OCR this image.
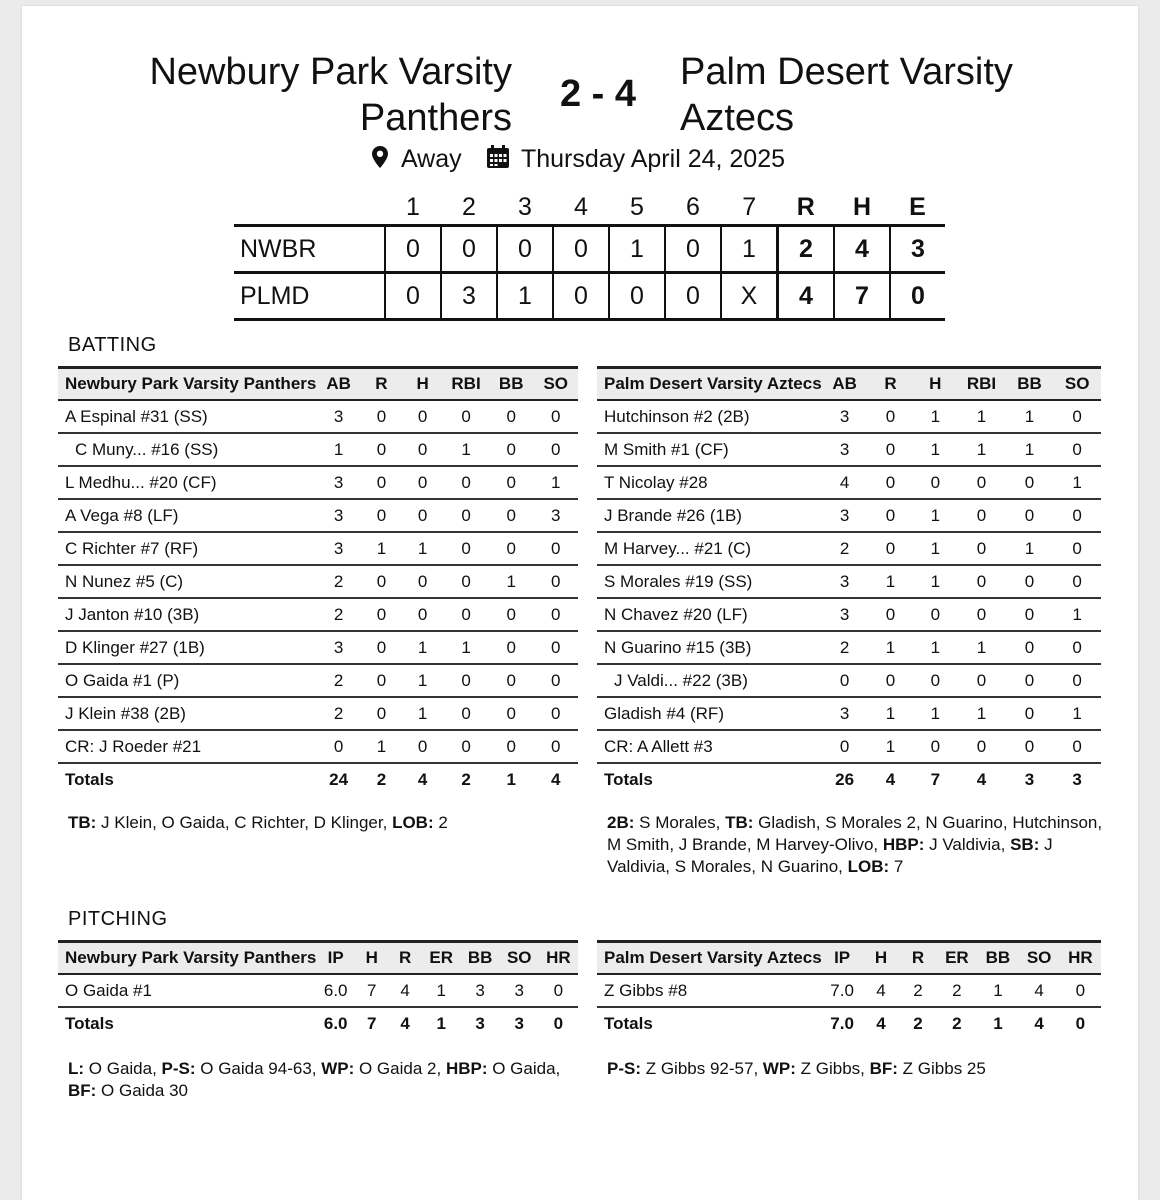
Newbury Park Varsity
Panthers
2 - 4
Palm Desert Varsity
Aztecs
Away	Thursday April 24, 2025
	1	2	3	4	5	6	7	R	H	E
NWBR	0	0	0	0	1	0	1	2	4	3
PLMD	0	3	1	0	0	0	X	4	7	0
BATTING
Newbury Park Varsity Panthers	AB	R	H	RBI	BB	SO
A Espinal #31 (SS)	3	0	0	0	0	0
C Muny... #16 (SS)	1	0	0	1	0	0
L Medhu... #20 (CF)	3	0	0	0	0	1
A Vega #8 (LF)	3	0	0	0	0	3
C Richter #7 (RF)	3	1	1	0	0	0
N Nunez #5 (C)	2	0	0	0	1	0
J Janton #10 (3B)	2	0	0	0	0	0
D Klinger #27 (1B)	3	0	1	1	0	0
O Gaida #1 (P)	2	0	1	0	0	0
J Klein #38 (2B)	2	0	1	0	0	0
CR: J Roeder #21	0	1	0	0	0	0
Totals	24	2	4	2	1	4
Palm Desert Varsity Aztecs	AB	R	H	RBI	BB	SO
Hutchinson #2 (2B)	3	0	1	1	1	0
M Smith #1 (CF)	3	0	1	1	1	0
T Nicolay #28	4	0	0	0	0	1
J Brande #26 (1B)	3	0	1	0	0	0
M Harvey... #21 (C)	2	0	1	0	1	0
S Morales #19 (SS)	3	1	1	0	0	0
N Chavez #20 (LF)	3	0	0	0	0	1
N Guarino #15 (3B)	2	1	1	1	0	0
J Valdi... #22 (3B)	0	0	0	0	0	0
Gladish #4 (RF)	3	1	1	1	0	1
CR: A Allett #3	0	1	0	0	0	0
Totals	26	4	7	4	3	3
TB: J Klein, O Gaida, C Richter, D Klinger, LOB: 2	2B: S Morales, TB: Gladish, S Morales 2, N Guarino, Hutchinson, M Smith, J Brande, M Harvey-Olivo, HBP: J Valdivia, SB: J Valdivia, S Morales, N Guarino, LOB: 7
PITCHING
Newbury Park Varsity Panthers	IP	H	R	ER	BB	SO	HR
O Gaida #1	6.0	7	4	1	3	3	0
Totals	6.0	7	4	1	3	3	0
Palm Desert Varsity Aztecs	IP	H	R	ER	BB	SO	HR
Z Gibbs #8	7.0	4	2	2	1	4	0
Totals	7.0	4	2	2	1	4	0
L: O Gaida, P-S: O Gaida 94-63, WP: O Gaida 2, HBP: O Gaida, BF: O Gaida 30
P-S: Z Gibbs 92-57, WP: Z Gibbs, BF: Z Gibbs 25
